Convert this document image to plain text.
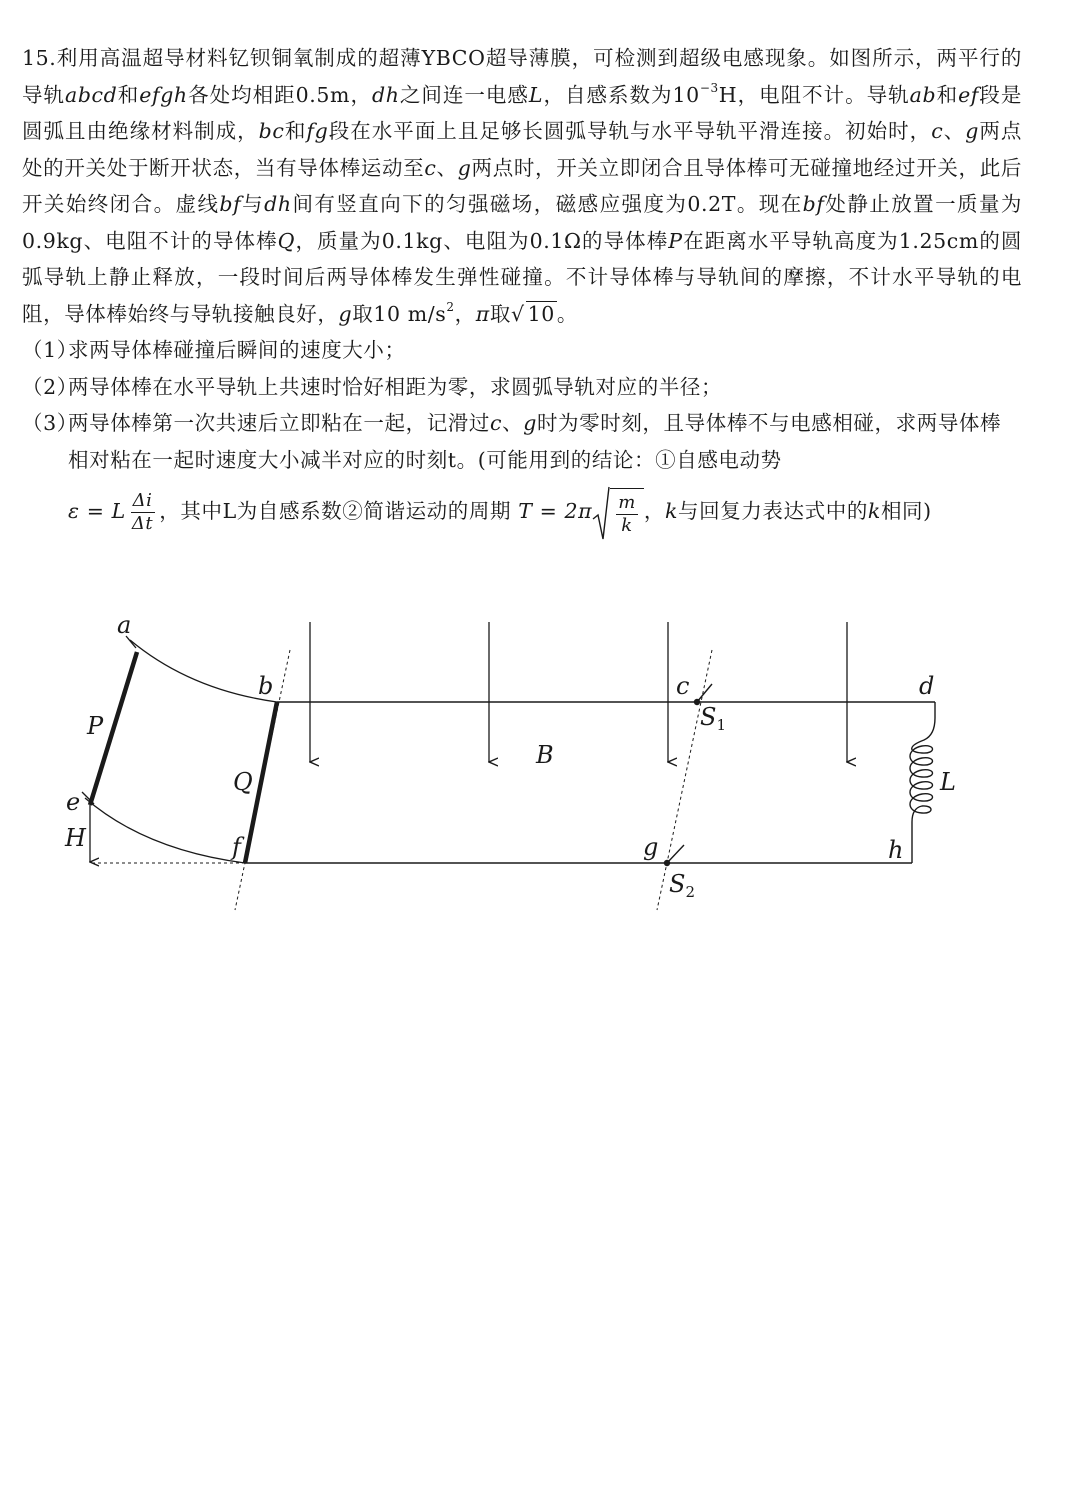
15.利用高温超导材料钇钡铜氧制成的超薄YBCO超导薄膜，可检测到超级电感现象。如图所示，两平行的导轨abcd和efgh各处均相距0.5m，dh之间连一电感L，自感系数为$10^{-3}H$，电阻不计。导轨ab和ef段是圆弧且由绝缘材料制成，bc和fg段在水平面上且足够长圆弧导轨与水平导轨平滑连接。初始时，c、g两点处的开关处于断开状态，当有导体棒运动至c、g两点时，开关立即闭合且导体棒可无碰撞地经过开关，此后开关始终闭合。虚线bf与dh间有竖直向下的匀强磁场，磁感应强度为0.2T。现在bf处静止放置一质量为0.9kg、电阻不计的导体棒Q，质量为0.1kg、电阻为0.1Ω的导体棒P在距离水平导轨高度为1.25cm的圆弧导轨上静止释放，一段时间后两导体棒发生弹性碰撞。不计导体棒与导轨间的摩擦，不计水平导轨的电阻，导体棒始终与导轨接触良好，g取10 $m/s^2$，π取√ 10。

（1）
求两导体棒碰撞后瞬间的速度大小；

（2）
两导体棒在水平导轨上共速时恰好相距为零，求圆弧导轨对应的半径；

（3）
两导体棒第一次共速后立即粘在一起，记滑过c、g时为零时刻，且导体棒不与电感相碰，求两导体棒相对粘在一起时速度大小减半对应的时刻t。(可能用到的结论：①自感电动势

ε = L $\frac{\Delta i}{\Delta t}$ ，其中L为自感系数②简谐运动的周期 $T = 2\pi \frac{m}{k}$ ，k与回复力表达式中的k相同)
a
b	c	d
e
f	g	h
P
Q
B
L
H
$S_1$
$S_2$
